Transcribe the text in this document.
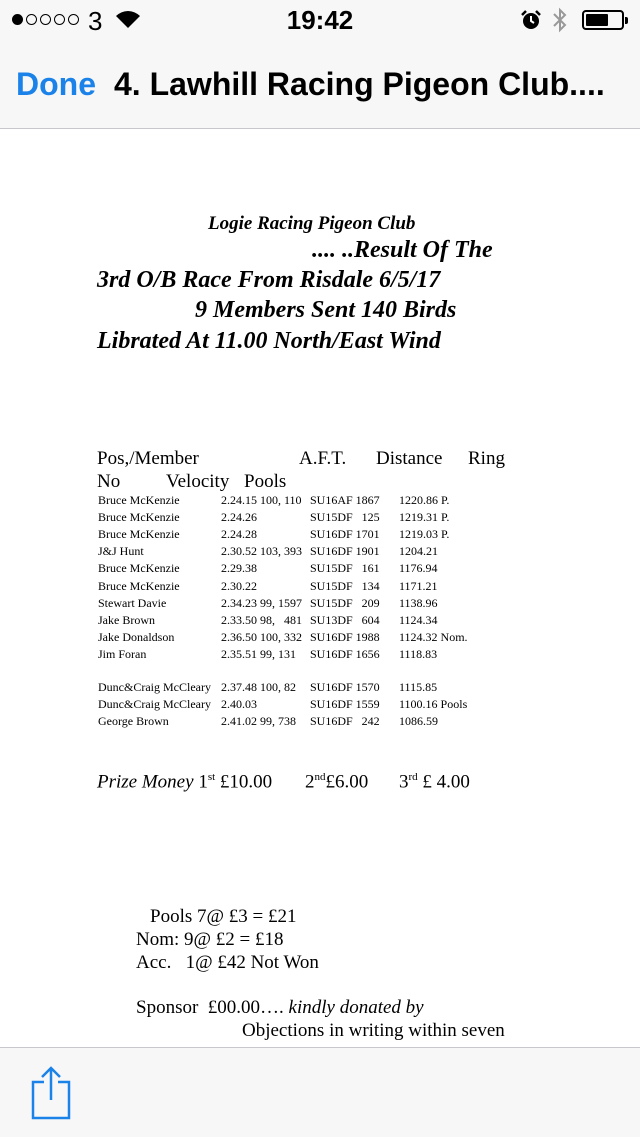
3	19:42
Done 4. Lawhill Racing Pigeon Club....
Logie Racing Pigeon Club
.... ..Result Of The
3rd O/B Race From Risdale 6/5/17
9 Members Sent 140 Birds
Librated At 11.00 North/East Wind
Pos,/Member	A.F.T. Distance Ring
No Velocity Pools
Bruce McKenzie	2.24.15 100, 110 SU16AF 1867 1220.86 P.
Bruce McKenzie	2.24.26	SU15DF   125 1219.31 P.
Bruce McKenzie	2.24.28	SU16DF 1701 1219.03 P.
J&J Hunt	2.30.52 103, 393 SU16DF 1901 1204.21
Bruce McKenzie	2.29.38	SU15DF   161 1176.94
Bruce McKenzie	2.30.22	SU15DF   134 1171.21
Stewart Davie	2.34.23 99, 1597 SU15DF   209 1138.96
Jake Brown	2.33.50 98,   481 SU13DF   604 1124.34
Jake Donaldson	2.36.50 100, 332 SU16DF 1988 1124.32 Nom.
Jim Foran	2.35.51 99, 131 SU16DF 1656 1118.83
Dunc&Craig McCleary 2.37.48 100, 82 SU16DF 1570 1115.85
Dunc&Craig McCleary 2.40.03	SU16DF 1559 1100.16 Pools
George Brown	2.41.02 99, 738 SU16DF   242 1086.59
Prize Money 1st £10.00 2nd£6.00 3rd £ 4.00
Pools 7@ £3 = £21
Nom: 9@ £2 = £18
Acc.   1@ £42 Not Won
Sponsor  £00.00…. kindly donated by
Objections in writing within seven
